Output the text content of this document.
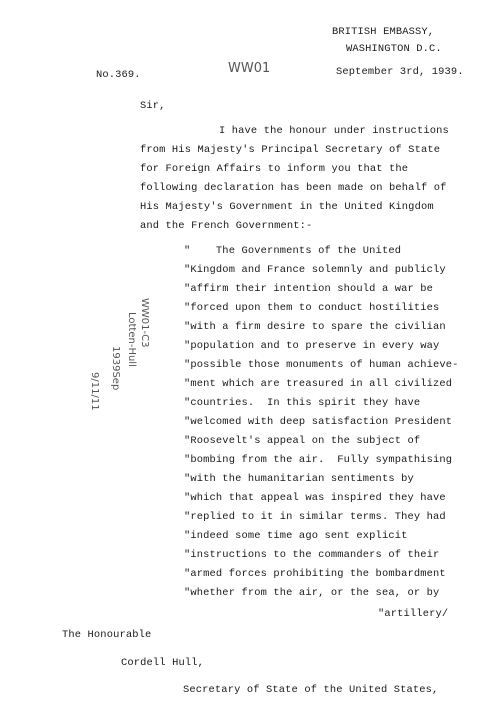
BRITISH EMBASSY,
WASHINGTON D.C.
September 3rd, 1939.
No.369.	WW01
Sir,
I have the honour under instructions
from His Majesty's Principal Secretary of State
for Foreign Affairs to inform you that the
following declaration has been made on behalf of
His Majesty's Government in the United Kingdom
and the French Government:-
"    The Governments of the United
"Kingdom and France solemnly and publicly
"affirm their intention should a war be
"forced upon them to conduct hostilities
"with a firm desire to spare the civilian
"population and to preserve in every way
"possible those monuments of human achieve-
"ment which are treasured in all civilized
"countries.  In this spirit they have
"welcomed with deep satisfaction President
"Roosevelt's appeal on the subject of
"bombing from the air.  Fully sympathising
"with the humanitarian sentiments by
"which that appeal was inspired they have
"replied to it in similar terms. They had
"indeed some time ago sent explicit
"instructions to the commanders of their
"armed forces prohibiting the bombardment
"whether from the air, or the sea, or by
"artillery/
The Honourable
Cordell Hull,
Secretary of State of the United States,
WW01-C3
Lotten-Hull
1939Sep
9/11/11
